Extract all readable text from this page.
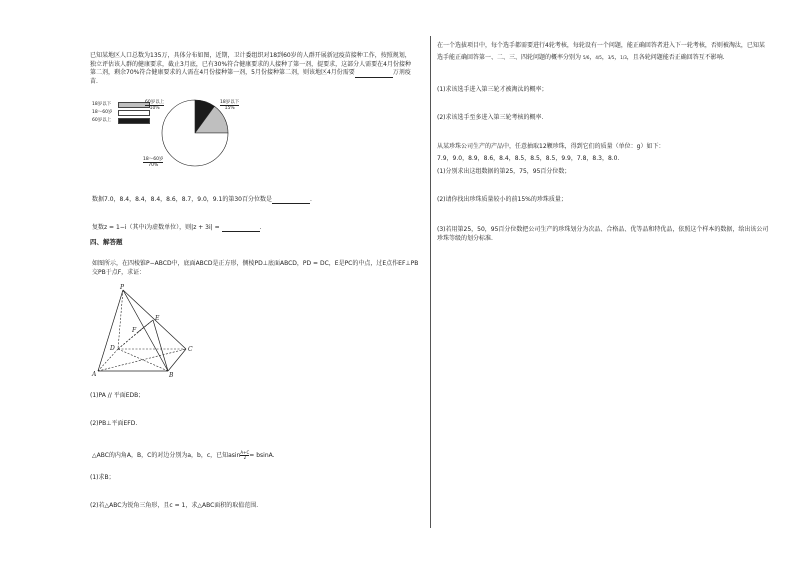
已知某地区人口总数为135万，具体分布如图，近期，卫计委组织对18到60岁的人群开展新冠疫苗接种工作，按照规划，独立评估该人群的健康要求，截止3月底，已有30%符合健康要求的人接种了第一剂，提要求，这部分人需要在4月份接种第二剂，剩余70%符合健康要求的人需在4月份接种第一剂，5月份接种第二剂，则该地区4月份需要	万剂疫苗.
18岁以下
18～60岁
60岁以上
60岁以上
10%
18岁以下
15%
18～60岁
70%
数据7.0，8.4，8.4，8.4，8.6，8.7，9.0，9.1的第30百分位数是	.
复数z = 1−i（其中i为虚数单位），则|z + 3i| =	.
四、解答题
如图所示，在四棱锥P−ABCD中，底面ABCD是正方形，侧棱PD⊥底面ABCD，PD = DC，E是PC的中点，过E点作EF⊥PB交PB于点F，求证：
P
E
F
D	C
A	B
(1)PA // 平面EDB；
(2)PB⊥平面EFD.
△ABC的内角A，B，C的对边分别为a，b，c，已知asin $\frac{A+C}{2} = bsinA$.
(1)求B；
(2)若△ABC为锐角三角形，且c = 1，求△ABC面积的取值范围.
在一个选拔项目中，每个选手都需要进行4轮考核，每轮设有一个问题，能正确回答者进入下一轮考核，否则被淘汰，已知某选手能正确回答第一、二、三、四轮问题的概率分别为 5/6，4/5，3/5，1/3，且各轮问题能否正确回答互不影响.
(1)求该选手进入第三轮才被淘汰的概率；
(2)求该选手至多进入第三轮考核的概率.
从某珍珠公司生产的产品中，任意抽取12颗珍珠，得到它们的质量（单位：g）如下：
7.9，9.0，8.9，8.6，8.4，8.5，8.5，8.5，9.9，7.8，8.3，8.0.
(1)分别求出这组数据的第25，75，95百分位数；
(2)请你找出珍珠质量较小的前15%的珍珠质量；
(3)若用第25，50，95百分位数把公司生产的珍珠划分为次品、合格品、优等品和特优品，依照这个样本的数据，给出该公司珍珠等级的划分标准.
